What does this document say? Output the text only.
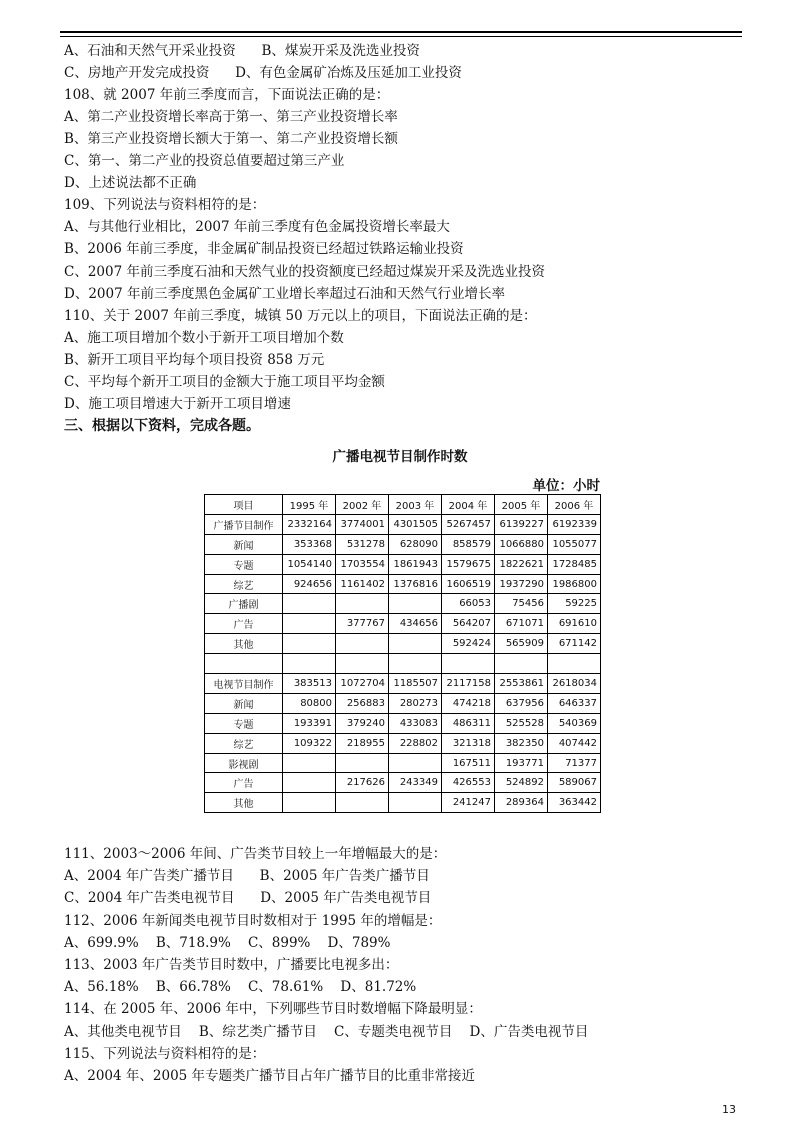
A、石油和天然气开采业投资      B、煤炭开采及洗选业投资
C、房地产开发完成投资      D、有色金属矿冶炼及压延加工业投资
108、就 2007 年前三季度而言，下面说法正确的是：
A、第二产业投资增长率高于第一、第三产业投资增长率
B、第三产业投资增长额大于第一、第二产业投资增长额
C、第一、第二产业的投资总值要超过第三产业
D、上述说法都不正确
109、下列说法与资料相符的是：
A、与其他行业相比，2007 年前三季度有色金属投资增长率最大
B、2006 年前三季度，非金属矿制品投资已经超过铁路运输业投资
C、2007 年前三季度石油和天然气业的投资额度已经超过煤炭开采及洗选业投资
D、2007 年前三季度黑色金属矿工业增长率超过石油和天然气行业增长率
110、关于 2007 年前三季度，城镇 50 万元以上的项目，下面说法正确的是：
A、施工项目增加个数小于新开工项目增加个数
B、新开工项目平均每个项目投资 858 万元
C、平均每个新开工项目的金额大于施工项目平均金额
D、施工项目增速大于新开工项目增速
三、根据以下资料，完成各题。
广播电视节目制作时数
单位：小时
项目	1995 年	2002 年	2003 年	2004 年	2005 年	2006 年
广播节目制作	2332164	3774001	4301505	5267457	6139227	6192339
新闻	353368	531278	628090	858579	1066880	1055077
专题	1054140	1703554	1861943	1579675	1822621	1728485
综艺	924656	1161402	1376816	1606519	1937290	1986800
广播剧				66053	75456	59225
广告		377767	434656	564207	671071	691610
其他				592424	565909	671142

电视节目制作	383513	1072704	1185507	2117158	2553861	2618034
新闻	80800	256883	280273	474218	637956	646337
专题	193391	379240	433083	486311	525528	540369
综艺	109322	218955	228802	321318	382350	407442
影视剧				167511	193771	71377
广告		217626	243349	426553	524892	589067
其他				241247	289364	363442
111、2003～2006 年间、广告类节目较上一年增幅最大的是：
A、2004 年广告类广播节目      B、2005 年广告类广播节目
C、2004 年广告类电视节目      D、2005 年广告类电视节目
112、2006 年新闻类电视节目时数相对于 1995 年的增幅是：
A、699.9%    B、718.9%    C、899%    D、789%
113、2003 年广告类节目时数中，广播要比电视多出：
A、56.18%    B、66.78%    C、78.61%    D、81.72%
114、在 2005 年、2006 年中，下列哪些节目时数增幅下降最明显：
A、其他类电视节目    B、综艺类广播节目    C、专题类电视节目    D、广告类电视节目
115、下列说法与资料相符的是：
A、2004 年、2005 年专题类广播节目占年广播节目的比重非常接近
13
